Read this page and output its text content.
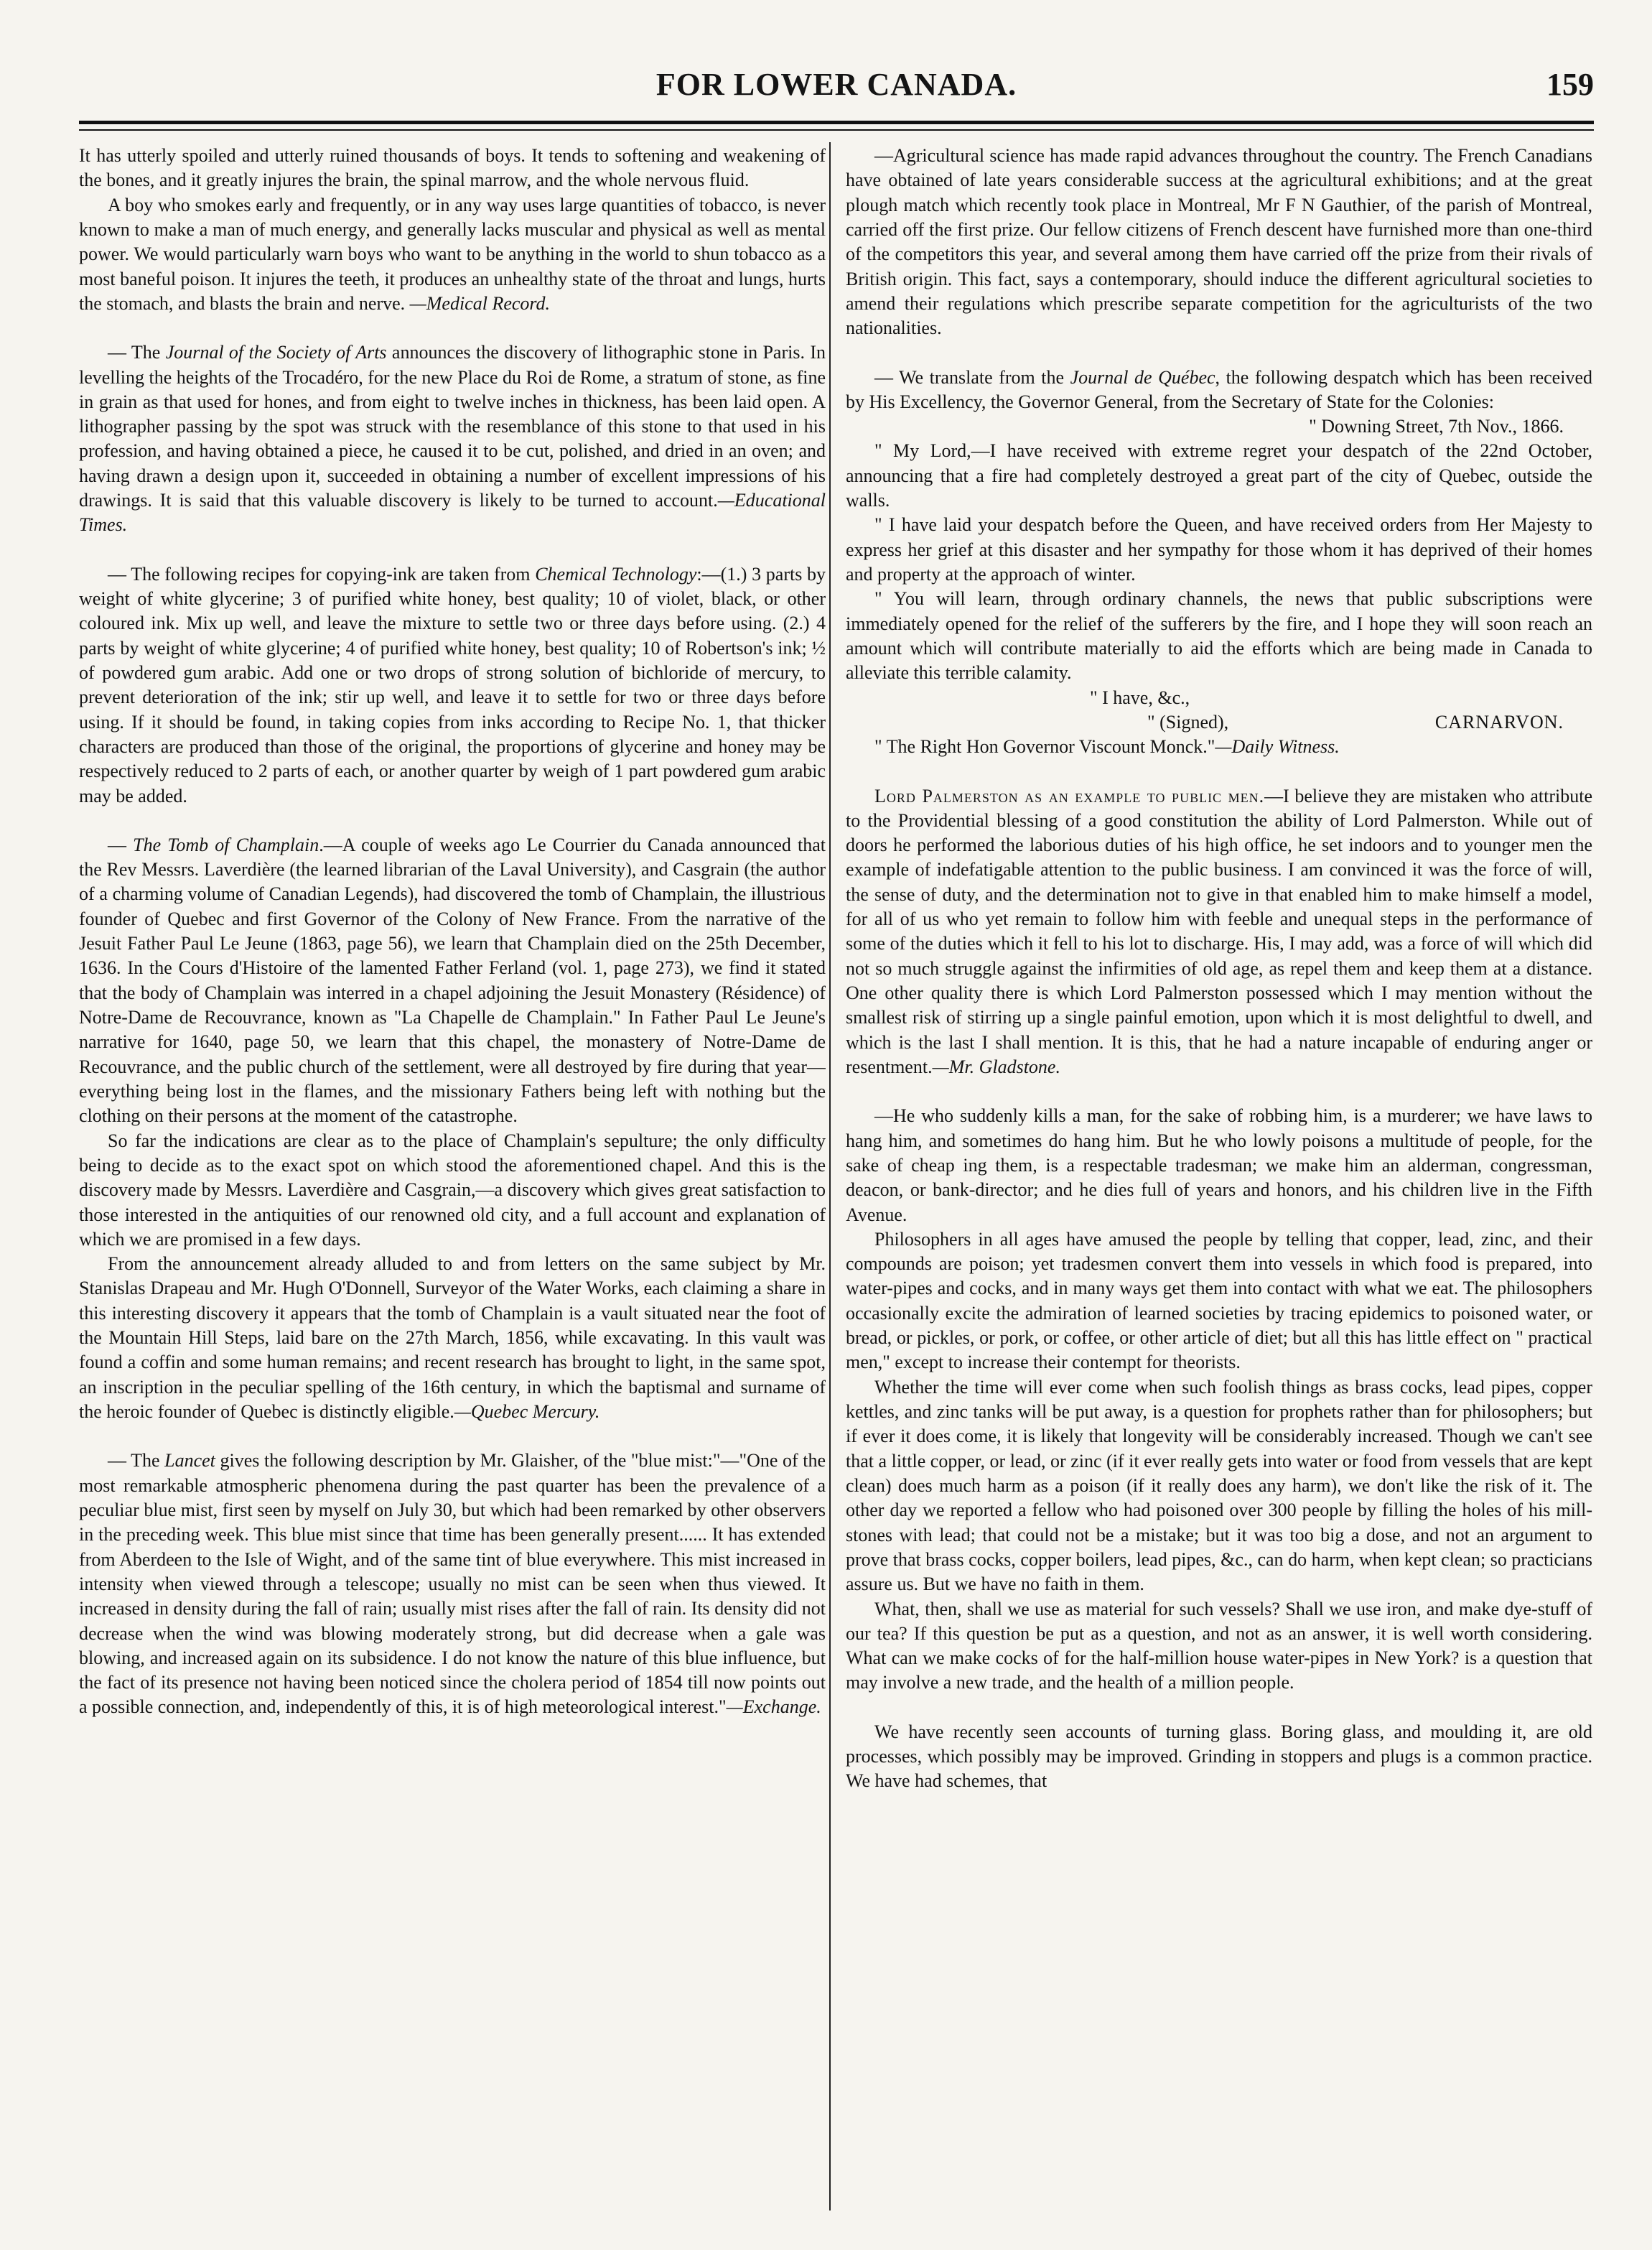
FOR LOWER CANADA.	159

It has utterly spoiled and utterly ruined thousands of boys. It tends to softening and weakening of the bones, and it greatly injures the brain, the spinal marrow, and the whole nervous fluid.

A boy who smokes early and frequently, or in any way uses large quantities of tobacco, is never known to make a man of much energy, and generally lacks muscular and physical as well as mental power. We would particularly warn boys who want to be anything in the world to shun tobacco as a most baneful poison. It injures the teeth, it produces an unhealthy state of the throat and lungs, hurts the stomach, and blasts the brain and nerve. —Medical Record.

— The Journal of the Society of Arts announces the discovery of lithographic stone in Paris. In levelling the heights of the Trocadéro, for the new Place du Roi de Rome, a stratum of stone, as fine in grain as that used for hones, and from eight to twelve inches in thickness, has been laid open. A lithographer passing by the spot was struck with the resemblance of this stone to that used in his profession, and having obtained a piece, he caused it to be cut, polished, and dried in an oven; and having drawn a design upon it, succeeded in obtaining a number of excellent impressions of his drawings. It is said that this valuable discovery is likely to be turned to account.—Educational Times.

— The following recipes for copying-ink are taken from Chemical Technology:—(1.) 3 parts by weight of white glycerine; 3 of purified white honey, best quality; 10 of violet, black, or other coloured ink. Mix up well, and leave the mixture to settle two or three days before using. (2.) 4 parts by weight of white glycerine; 4 of purified white honey, best quality; 10 of Robertson's ink; ½ of powdered gum arabic. Add one or two drops of strong solution of bichloride of mercury, to prevent deterioration of the ink; stir up well, and leave it to settle for two or three days before using. If it should be found, in taking copies from inks according to Recipe No. 1, that thicker characters are produced than those of the original, the proportions of glycerine and honey may be respectively reduced to 2 parts of each, or another quarter by weigh of 1 part powdered gum arabic may be added.

— The Tomb of Champlain.—A couple of weeks ago Le Courrier du Canada announced that the Rev Messrs. Laverdière (the learned librarian of the Laval University), and Casgrain (the author of a charming volume of Canadian Legends), had discovered the tomb of Champlain, the illustrious founder of Quebec and first Governor of the Colony of New France. From the narrative of the Jesuit Father Paul Le Jeune (1863, page 56), we learn that Champlain died on the 25th December, 1636. In the Cours d'Histoire of the lamented Father Ferland (vol. 1, page 273), we find it stated that the body of Champlain was interred in a chapel adjoining the Jesuit Monastery (Résidence) of Notre-Dame de Recouvrance, known as "La Chapelle de Champlain." In Father Paul Le Jeune's narrative for 1640, page 50, we learn that this chapel, the monastery of Notre-Dame de Recouvrance, and the public church of the settlement, were all destroyed by fire during that year—everything being lost in the flames, and the missionary Fathers being left with nothing but the clothing on their persons at the moment of the catastrophe.

So far the indications are clear as to the place of Champlain's sepulture; the only difficulty being to decide as to the exact spot on which stood the aforementioned chapel. And this is the discovery made by Messrs. Laverdière and Casgrain,—a discovery which gives great satisfaction to those interested in the antiquities of our renowned old city, and a full account and explanation of which we are promised in a few days.

From the announcement already alluded to and from letters on the same subject by Mr. Stanislas Drapeau and Mr. Hugh O'Donnell, Surveyor of the Water Works, each claiming a share in this interesting discovery it appears that the tomb of Champlain is a vault situated near the foot of the Mountain Hill Steps, laid bare on the 27th March, 1856, while excavating. In this vault was found a coffin and some human remains; and recent research has brought to light, in the same spot, an inscription in the peculiar spelling of the 16th century, in which the baptismal and surname of the heroic founder of Quebec is distinctly eligible.—Quebec Mercury.

— The Lancet gives the following description by Mr. Glaisher, of the "blue mist:"—"One of the most remarkable atmospheric phenomena during the past quarter has been the prevalence of a peculiar blue mist, first seen by myself on July 30, but which had been remarked by other observers in the preceding week. This blue mist since that time has been generally present...... It has extended from Aberdeen to the Isle of Wight, and of the same tint of blue everywhere. This mist increased in intensity when viewed through a telescope; usually no mist can be seen when thus viewed. It increased in density during the fall of rain; usually mist rises after the fall of rain. Its density did not decrease when the wind was blowing moderately strong, but did decrease when a gale was blowing, and increased again on its subsidence. I do not know the nature of this blue influence, but the fact of its presence not having been noticed since the cholera period of 1854 till now points out a possible connection, and, independently of this, it is of high meteorological interest."—Exchange.

—Agricultural science has made rapid advances throughout the country. The French Canadians have obtained of late years considerable success at the agricultural exhibitions; and at the great plough match which recently took place in Montreal, Mr F N Gauthier, of the parish of Montreal, carried off the first prize. Our fellow citizens of French descent have furnished more than one-third of the competitors this year, and several among them have carried off the prize from their rivals of British origin. This fact, says a contemporary, should induce the different agricultural societies to amend their regulations which prescribe separate competition for the agriculturists of the two nationalities.

— We translate from the Journal de Québec, the following despatch which has been received by His Excellency, the Governor General, from the Secretary of State for the Colonies:

" Downing Street, 7th Nov., 1866.

" My Lord,—I have received with extreme regret your despatch of the 22nd October, announcing that a fire had completely destroyed a great part of the city of Quebec, outside the walls.

" I have laid your despatch before the Queen, and have received orders from Her Majesty to express her grief at this disaster and her sympathy for those whom it has deprived of their homes and property at the approach of winter.

" You will learn, through ordinary channels, the news that public subscriptions were immediately opened for the relief of the sufferers by the fire, and I hope they will soon reach an amount which will contribute materially to aid the efforts which are being made in Canada to alleviate this terrible calamity.

" I have, &c.,

" (Signed),	CARNARVON.

" The Right Hon Governor Viscount Monck."—Daily Witness.

Lord Palmerston as an example to public men.—I believe they are mistaken who attribute to the Providential blessing of a good constitution the ability of Lord Palmerston. While out of doors he performed the laborious duties of his high office, he set indoors and to younger men the example of indefatigable attention to the public business. I am convinced it was the force of will, the sense of duty, and the determination not to give in that enabled him to make himself a model, for all of us who yet remain to follow him with feeble and unequal steps in the performance of some of the duties which it fell to his lot to discharge. His, I may add, was a force of will which did not so much struggle against the infirmities of old age, as repel them and keep them at a distance. One other quality there is which Lord Palmerston possessed which I may mention without the smallest risk of stirring up a single painful emotion, upon which it is most delightful to dwell, and which is the last I shall mention. It is this, that he had a nature incapable of enduring anger or resentment.—Mr. Gladstone.

—He who suddenly kills a man, for the sake of robbing him, is a murderer; we have laws to hang him, and sometimes do hang him. But he who lowly poisons a multitude of people, for the sake of cheap ing them, is a respectable tradesman; we make him an alderman, congressman, deacon, or bank-director; and he dies full of years and honors, and his children live in the Fifth Avenue.

Philosophers in all ages have amused the people by telling that copper, lead, zinc, and their compounds are poison; yet tradesmen convert them into vessels in which food is prepared, into water-pipes and cocks, and in many ways get them into contact with what we eat. The philosophers occasionally excite the admiration of learned societies by tracing epidemics to poisoned water, or bread, or pickles, or pork, or coffee, or other article of diet; but all this has little effect on " practical men," except to increase their contempt for theorists.

Whether the time will ever come when such foolish things as brass cocks, lead pipes, copper kettles, and zinc tanks will be put away, is a question for prophets rather than for philosophers; but if ever it does come, it is likely that longevity will be considerably increased. Though we can't see that a little copper, or lead, or zinc (if it ever really gets into water or food from vessels that are kept clean) does much harm as a poison (if it really does any harm), we don't like the risk of it. The other day we reported a fellow who had poisoned over 300 people by filling the holes of his mill-stones with lead; that could not be a mistake; but it was too big a dose, and not an argument to prove that brass cocks, copper boilers, lead pipes, &c., can do harm, when kept clean; so practicians assure us. But we have no faith in them.

What, then, shall we use as material for such vessels? Shall we use iron, and make dye-stuff of our tea? If this question be put as a question, and not as an answer, it is well worth considering. What can we make cocks of for the half-million house water-pipes in New York? is a question that may involve a new trade, and the health of a million people.

We have recently seen accounts of turning glass. Boring glass, and moulding it, are old processes, which possibly may be improved. Grinding in stoppers and plugs is a common practice. We have had schemes, that
